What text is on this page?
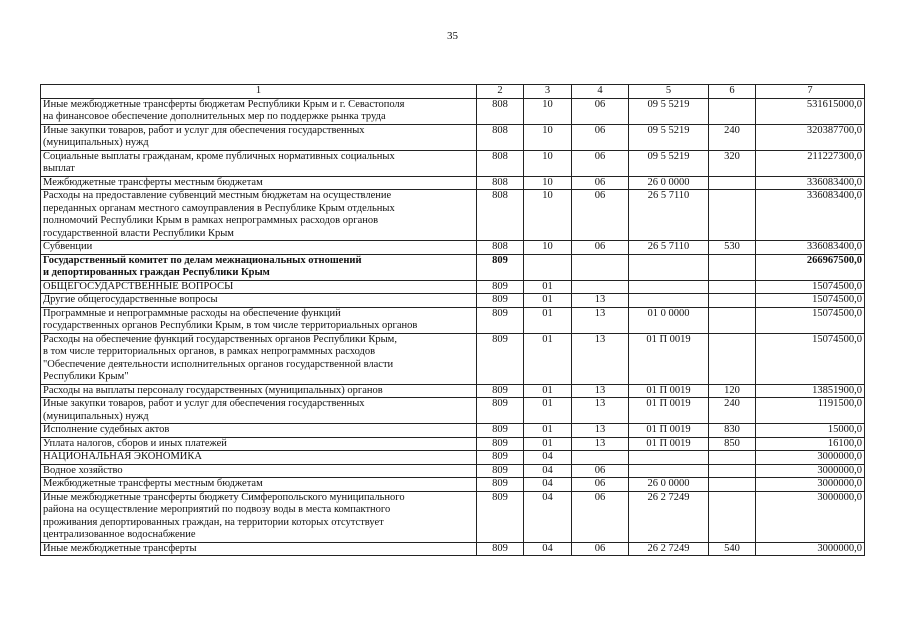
35
1	2	3	4	5	6	7
Иные межбюджетные трансферты бюджетам Республики Крым и г. Севастополя
на финансовое обеспечение дополнительных мер по поддержке рынка труда	808	10	06	09 5 5219		531615000,0
Иные закупки товаров, работ и услуг для обеспечения государственных
(муниципальных) нужд	808	10	06	09 5 5219	240	320387700,0
Социальные выплаты гражданам, кроме публичных нормативных социальных
выплат	808	10	06	09 5 5219	320	211227300,0
Межбюджетные трансферты местным бюджетам	808	10	06	26 0 0000		336083400,0
Расходы на предоставление субвенций местным бюджетам на осуществление
переданных органам местного самоуправления в Республике Крым отдельных
полномочий Республики Крым в рамках непрограммных расходов органов
государственной власти Республики Крым	808	10	06	26 5 7110		336083400,0
Субвенции	808	10	06	26 5 7110	530	336083400,0
Государственный комитет по делам межнациональных отношений
и депортированных граждан Республики Крым	809					266967500,0
ОБЩЕГОСУДАРСТВЕННЫЕ ВОПРОСЫ	809	01				15074500,0
Другие общегосударственные вопросы	809	01	13			15074500,0
Программные и непрограммные расходы на обеспечение функций
государственных органов Республики Крым, в том числе территориальных органов	809	01	13	01 0 0000		15074500,0
Расходы на обеспечение функций государственных органов Республики Крым,
в том числе территориальных органов, в рамках непрограммных расходов
"Обеспечение деятельности исполнительных органов государственной власти
Республики Крым"	809	01	13	01 П 0019		15074500,0
Расходы на выплаты персоналу государственных (муниципальных) органов	809	01	13	01 П 0019	120	13851900,0
Иные закупки товаров, работ и услуг для обеспечения государственных
(муниципальных) нужд	809	01	13	01 П 0019	240	1191500,0
Исполнение судебных актов	809	01	13	01 П 0019	830	15000,0
Уплата налогов, сборов и иных платежей	809	01	13	01 П 0019	850	16100,0
НАЦИОНАЛЬНАЯ ЭКОНОМИКА	809	04				3000000,0
Водное хозяйство	809	04	06			3000000,0
Межбюджетные трансферты местным бюджетам	809	04	06	26 0 0000		3000000,0
Иные межбюджетные трансферты бюджету Симферопольского муниципального
района на осуществление мероприятий по подвозу воды в места компактного
проживания депортированных граждан, на территории которых отсутствует
централизованное водоснабжение	809	04	06	26 2 7249		3000000,0
Иные межбюджетные трансферты	809	04	06	26 2 7249	540	3000000,0
